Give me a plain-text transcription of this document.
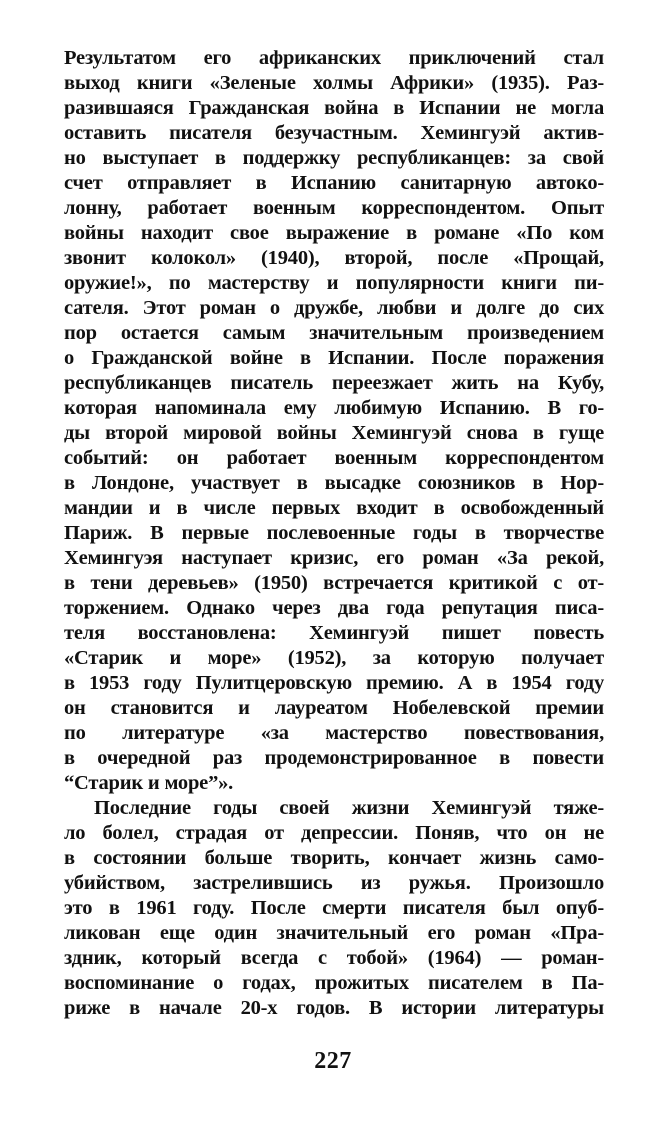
Результатом его африканских приключений стал
выход книги «Зеленые холмы Африки» (1935). Раз-
разившаяся Гражданская война в Испании не могла
оставить писателя безучастным. Хемингуэй актив-
но выступает в поддержку республиканцев: за свой
счет отправляет в Испанию санитарную автоко-
лонну, работает военным корреспондентом. Опыт
войны находит свое выражение в романе «По ком
звонит колокол» (1940), второй, после «Прощай,
оружие!», по мастерству и популярности книги пи-
сателя. Этот роман о дружбе, любви и долге до сих
пор остается самым значительным произведением
о Гражданской войне в Испании. После поражения
республиканцев писатель переезжает жить на Кубу,
которая напоминала ему любимую Испанию. В го-
ды второй мировой войны Хемингуэй снова в гуще
событий: он работает военным корреспондентом
в Лондоне, участвует в высадке союзников в Нор-
мандии и в числе первых входит в освобожденный
Париж. В первые послевоенные годы в творчестве
Хемингуэя наступает кризис, его роман «За рекой,
в тени деревьев» (1950) встречается критикой с от-
торжением. Однако через два года репутация писа-
теля восстановлена: Хемингуэй пишет повесть
«Старик и море» (1952), за которую получает
в 1953 году Пулитцеровскую премию. А в 1954 году
он становится и лауреатом Нобелевской премии
по литературе «за мастерство повествования,
в очередной раз продемонстрированное в повести
“Старик и море”».
Последние годы своей жизни Хемингуэй тяже-
ло болел, страдая от депрессии. Поняв, что он не
в состоянии больше творить, кончает жизнь само-
убийством, застрелившись из ружья. Произошло
это в 1961 году. После смерти писателя был опуб-
ликован еще один значительный его роман «Пра-
здник, который всегда с тобой» (1964) — роман-
воспоминание о годах, прожитых писателем в Па-
риже в начале 20-х годов. В истории литературы
227
